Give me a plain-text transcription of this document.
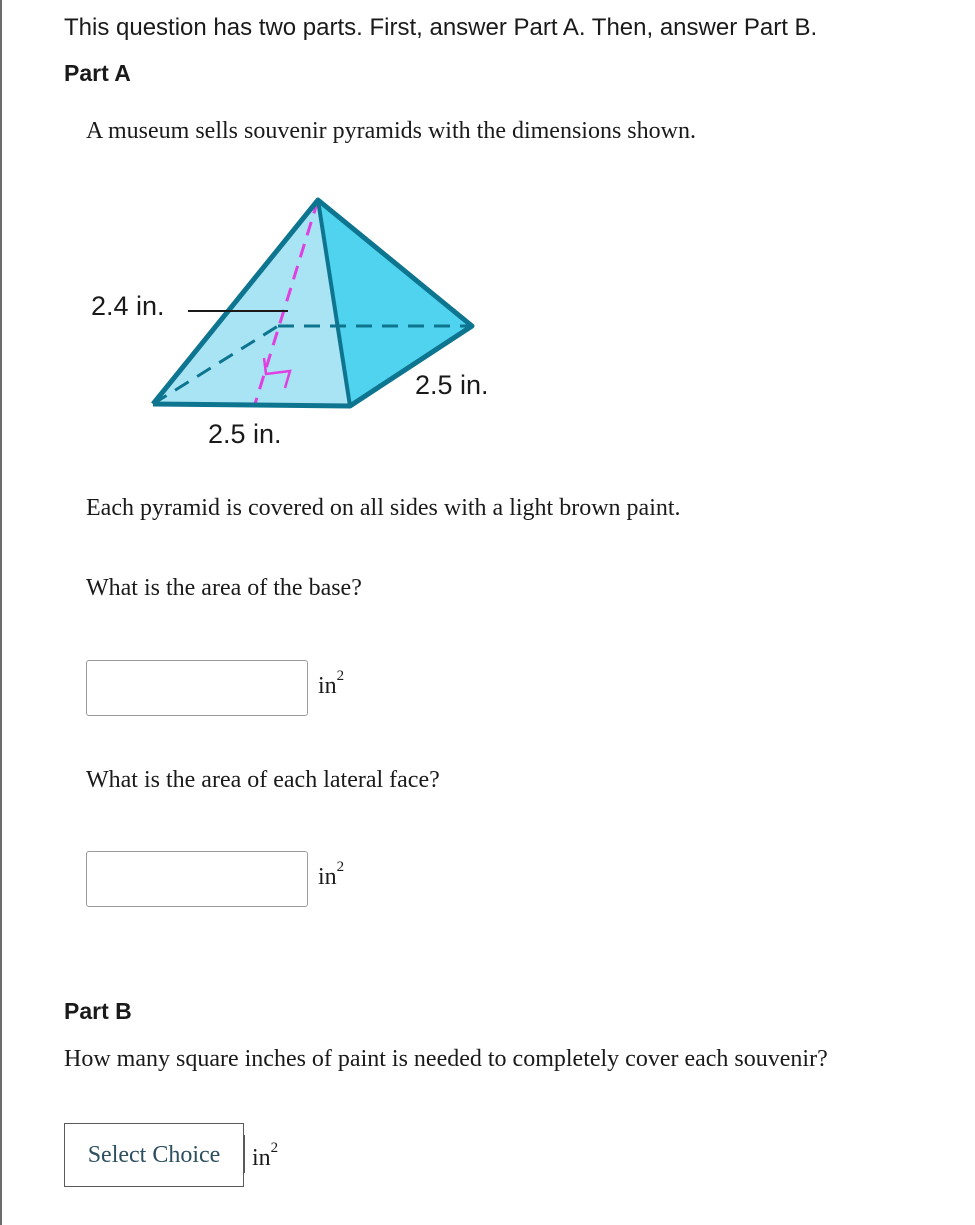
This question has two parts. First, answer Part A. Then, answer Part B.

Part A

A museum sells souvenir pyramids with the dimensions shown.

2.4 in.
2.5 in.
2.5 in.

Each pyramid is covered on all sides with a light brown paint.

What is the area of the base?

$in^2$

What is the area of each lateral face?

$in^2$
Part B

How many square inches of paint is needed to completely cover each souvenir?

Select Choice	$in^2$
